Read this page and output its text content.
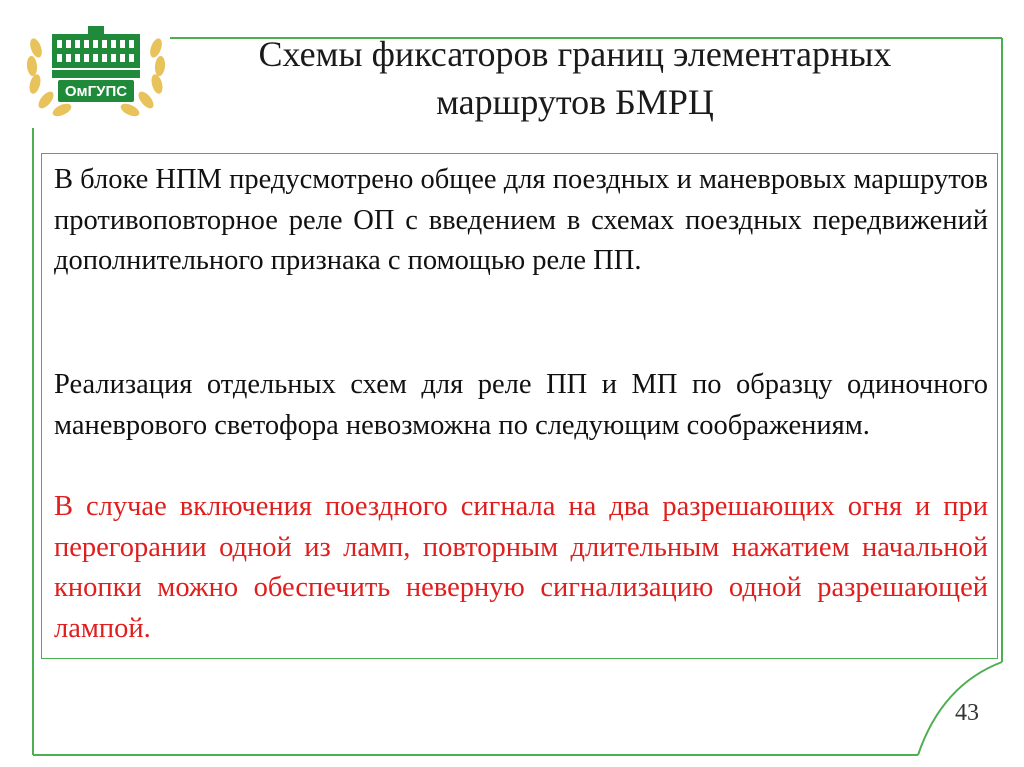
ОмГУПС
Схемы фиксаторов границ элементарных
маршрутов БМРЦ

В блоке НПМ предусмотрено общее для поездных и маневровых маршрутов противоповторное реле ОП с введением в схемах поездных передвижений дополнительного признака с помощью реле ПП.

Реализация отдельных схем для реле ПП и МП по образцу одиночного маневрового светофора невозможна по следующим соображениям.

В случае включения поездного сигнала на два разрешающих огня и при перегорании одной из ламп, повторным длительным нажатием начальной кнопки можно обеспечить неверную сигнализацию одной разрешающей лампой.

43
